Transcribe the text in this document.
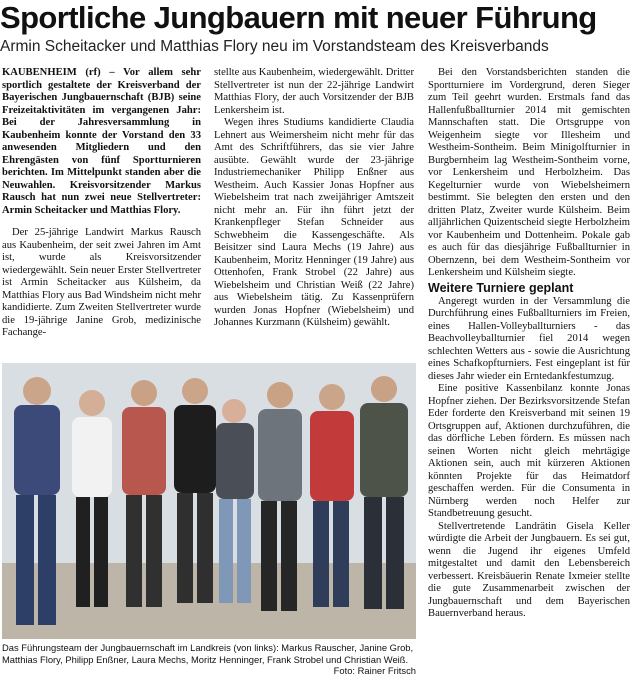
Sportliche Jungbauern mit neuer Führung
Armin Scheitacker und Matthias Flory neu im Vorstandsteam des Kreisverbands

KAUBENHEIM (rf) – Vor allem sehr sportlich gestaltete der Kreisverband der Bayerischen Jungbauernschaft (BJB) seine Freizeitaktivitäten im vergangenen Jahr: Bei der Jahresversammlung in Kaubenheim konnte der Vorstand den 33 anwesenden Mitgliedern und den Ehrengästen von fünf Sportturnieren berichten. Im Mittelpunkt standen aber die Neuwahlen. Kreisvorsitzender Markus Rausch hat nun zwei neue Stellvertreter: Armin Scheitacker und Matthias Flory.

Der 25-jährige Landwirt Markus Rausch aus Kaubenheim, der seit zwei Jahren im Amt ist, wurde als Kreisvorsitzender wiedergewählt. Sein neuer Erster Stellvertreter ist Armin Scheitacker aus Külsheim, da Matthias Flory aus Bad Windsheim nicht mehr kandidierte. Zum Zweiten Stellvertreter wurde die 19-jährige Janine Grob, medizinische Fachange-

stellte aus Kaubenheim, wiedergewählt. Dritter Stellvertreter ist nun der 22-jährige Landwirt Matthias Flory, der auch Vorsitzender der BJB Lenkersheim ist.

Wegen ihres Studiums kandidierte Claudia Lehnert aus Weimersheim nicht mehr für das Amt des Schriftführers, das sie vier Jahre ausübte. Gewählt wurde der 23-jährige Industriemechaniker Philipp Enßner aus Westheim. Auch Kassier Jonas Hopfner aus Wiebelsheim trat nach zweijähriger Amtszeit nicht mehr an. Für ihn führt jetzt der Krankenpfleger Stefan Schneider aus Schwebheim die Kassengeschäfte. Als Beisitzer sind Laura Mechs (19 Jahre) aus Kaubenheim, Moritz Henninger (19 Jahre) aus Ottenhofen, Frank Strobel (22 Jahre) aus Wiebelsheim und Christian Weiß (22 Jahre) aus Wiebelsheim tätig. Zu Kassenprüfern wurden Jonas Hopfner (Wiebelsheim) und Johannes Kurzmann (Külsheim) gewählt.

Bei den Vorstandsberichten standen die Sportturniere im Vordergrund, deren Sieger zum Teil geehrt wurden. Erstmals fand das Hallenfußballturnier 2014 mit gemischten Mannschaften statt. Die Ortsgruppe von Weigenheim siegte vor Illesheim und Westheim-Sontheim. Beim Minigolfturnier in Burgbernheim lag Westheim-Sontheim vorne, vor Lenkersheim und Herbolzheim. Das Kegelturnier wurde von Wiebelsheimern bestimmt. Sie belegten den ersten und den dritten Platz, Zweiter wurde Külsheim. Beim alljährlichen Quizentscheid siegte Herbolzheim vor Kaubenheim und Dottenheim. Pokale gab es auch für das diesjährige Fußballturnier in Obernzenn, bei dem Westheim-Sontheim vor Lenkersheim und Külsheim siegte.

Weitere Turniere geplant

Angeregt wurden in der Versammlung die Durchführung eines Fußballturniers im Freien, eines Hallen-Volleyballturniers - das Beachvolleyballturnier fiel 2014 wegen schlechten Wetters aus - sowie die Ausrichtung eines Schafkopfturniers. Fest eingeplant ist für dieses Jahr wieder ein Erntedankfestumzug.

Eine positive Kassenbilanz konnte Jonas Hopfner ziehen. Der Bezirksvorsitzende Stefan Eder forderte den Kreisverband mit seinen 19 Ortsgruppen auf, Aktionen durchzuführen, die das dörfliche Leben fördern. Es müssen nach seinen Worten nicht gleich mehrtägige Aktionen sein, auch mit kürzeren Aktionen könnten Projekte für das Heimatdorf geschaffen werden. Für die Consumenta in Nürnberg werden noch Helfer zur Standbetreuung gesucht.

Stellvertretende Landrätin Gisela Keller würdigte die Arbeit der Jungbauern. Es sei gut, wenn die Jugend ihr eigenes Umfeld mitgestaltet und damit den Lebensbereich verbessert. Kreisbäuerin Renate Ixmeier stellte die gute Zusammenarbeit zwischen der Jungbauernschaft und dem Bayerischen Bauernverband heraus.

Das Führungsteam der Jungbauernschaft im Landkreis (von links): Markus Rauscher, Janine Grob, Matthias Flory, Philipp Enßner, Laura Mechs, Moritz Henninger, Frank Strobel und Christian Weiß.
Foto: Rainer Fritsch
